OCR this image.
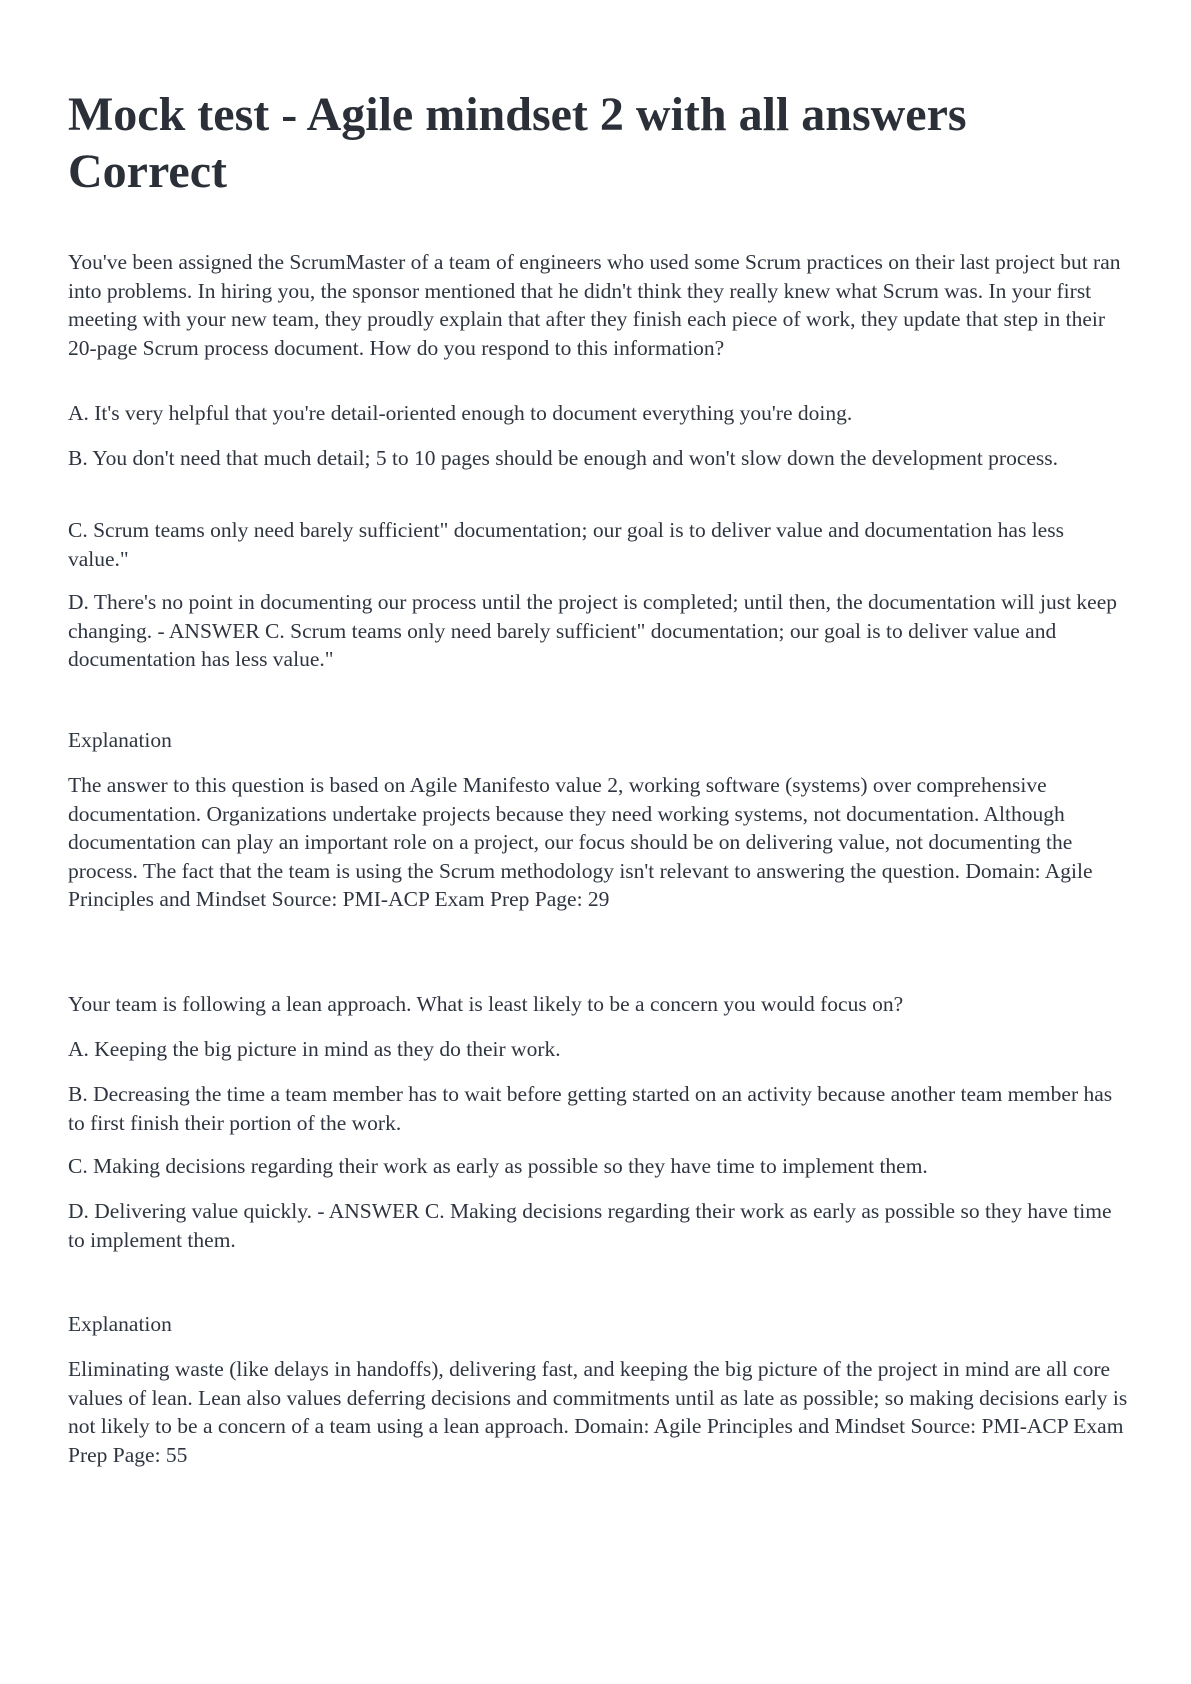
Mock test - Agile mindset 2 with all answers Correct

You've been assigned the ScrumMaster of a team of engineers who used some Scrum practices on their last project but ran into problems. In hiring you, the sponsor mentioned that he didn't think they really knew what Scrum was. In your first meeting with your new team, they proudly explain that after they finish each piece of work, they update that step in their 20-page Scrum process document. How do you respond to this information?

A. It's very helpful that you're detail-oriented enough to document everything you're doing.

B. You don't need that much detail; 5 to 10 pages should be enough and won't slow down the development process.

C. Scrum teams only need barely sufficient" documentation; our goal is to deliver value and documentation has less value."

D. There's no point in documenting our process until the project is completed; until then, the documentation will just keep changing. - ANSWER C. Scrum teams only need barely sufficient" documentation; our goal is to deliver value and documentation has less value."

Explanation

The answer to this question is based on Agile Manifesto value 2, working software (systems) over comprehensive documentation. Organizations undertake projects because they need working systems, not documentation. Although documentation can play an important role on a project, our focus should be on delivering value, not documenting the process. The fact that the team is using the Scrum methodology isn't relevant to answering the question. Domain: Agile Principles and Mindset Source: PMI-ACP Exam Prep Page: 29

Your team is following a lean approach. What is least likely to be a concern you would focus on?

A. Keeping the big picture in mind as they do their work.

B. Decreasing the time a team member has to wait before getting started on an activity because another team member has to first finish their portion of the work.

C. Making decisions regarding their work as early as possible so they have time to implement them.

D. Delivering value quickly. - ANSWER C. Making decisions regarding their work as early as possible so they have time to implement them.

Explanation

Eliminating waste (like delays in handoffs), delivering fast, and keeping the big picture of the project in mind are all core values of lean. Lean also values deferring decisions and commitments until as late as possible; so making decisions early is not likely to be a concern of a team using a lean approach. Domain: Agile Principles and Mindset Source: PMI-ACP Exam Prep Page: 55
